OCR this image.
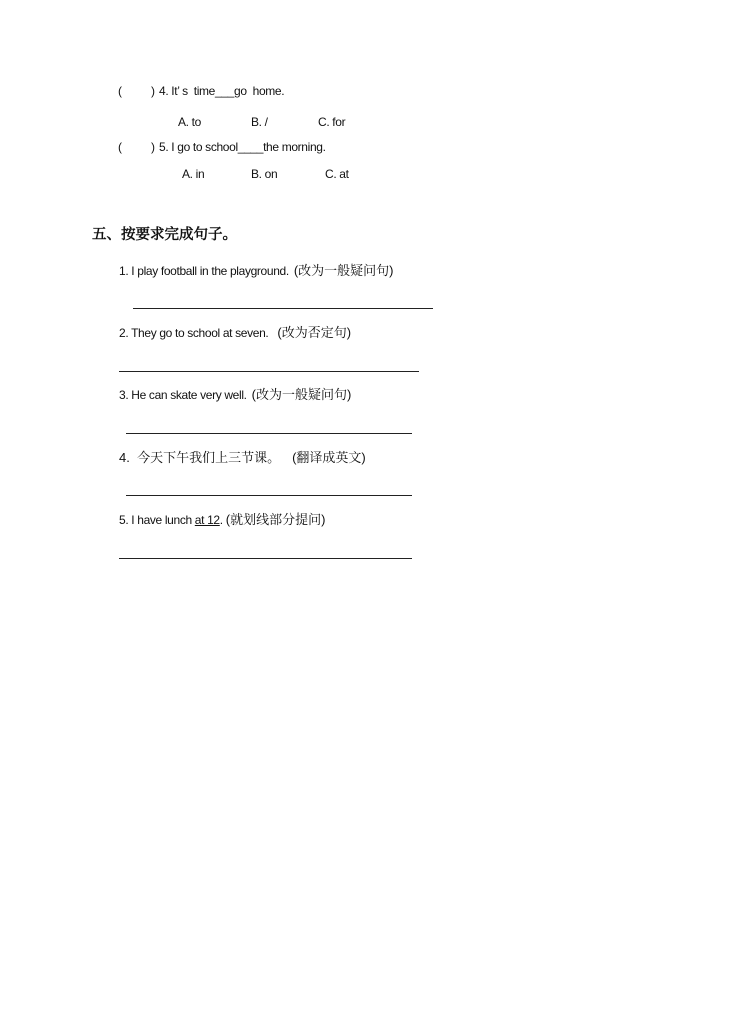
( ) 4. It’ s  time___go  home.
A. to	B. /	C. for
( ) 5. I go to school____the morning.
A. in	B. on	C. at
五、按要求完成句子。
1. I play football in the playground. (改为一般疑问句)
2. They go to school at seven. (改为否定句)
3. He can skate very well. (改为一般疑问句)
4.  今天下午我们上三节课。 (翻译成英文)
5. I have lunch at 12. (就划线部分提问)
